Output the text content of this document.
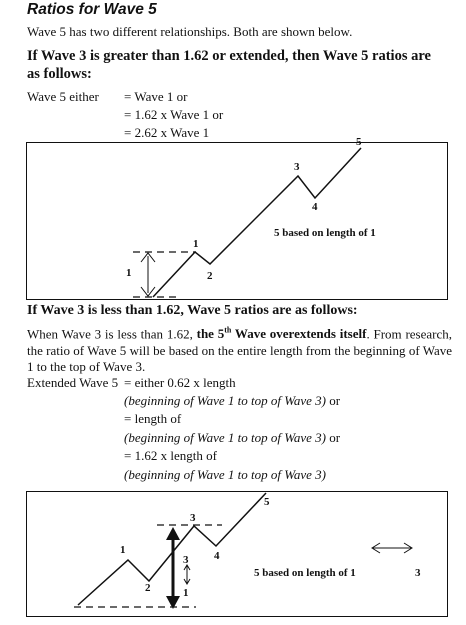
Ratios for Wave 5
Wave 5 has two different relationships. Both are shown below.
If Wave 3 is greater than 1.62 or extended, then Wave 5 ratios are as follows:
Wave 5 either = Wave 1 or
= 1.62 x Wave 1 or
= 2.62 x Wave 1
1
1
2
3
4
5
5 based on length of 1
If Wave 3 is less than 1.62, Wave 5 ratios are as follows:
When Wave 3 is less than 1.62, the 5th Wave overextends itself. From research, the ratio of Wave 5 will be based on the entire length from the beginning of Wave 1 to the top of Wave 3.
Extended Wave 5 = either 0.62 x length
(beginning of Wave 1 to top of Wave 3) or
= length of
(beginning of Wave 1 to top of Wave 3) or
= 1.62 x length of
(beginning of Wave 1 to top of Wave 3)
1
2
3
4
5
3
1
5 based on length of 1	3
